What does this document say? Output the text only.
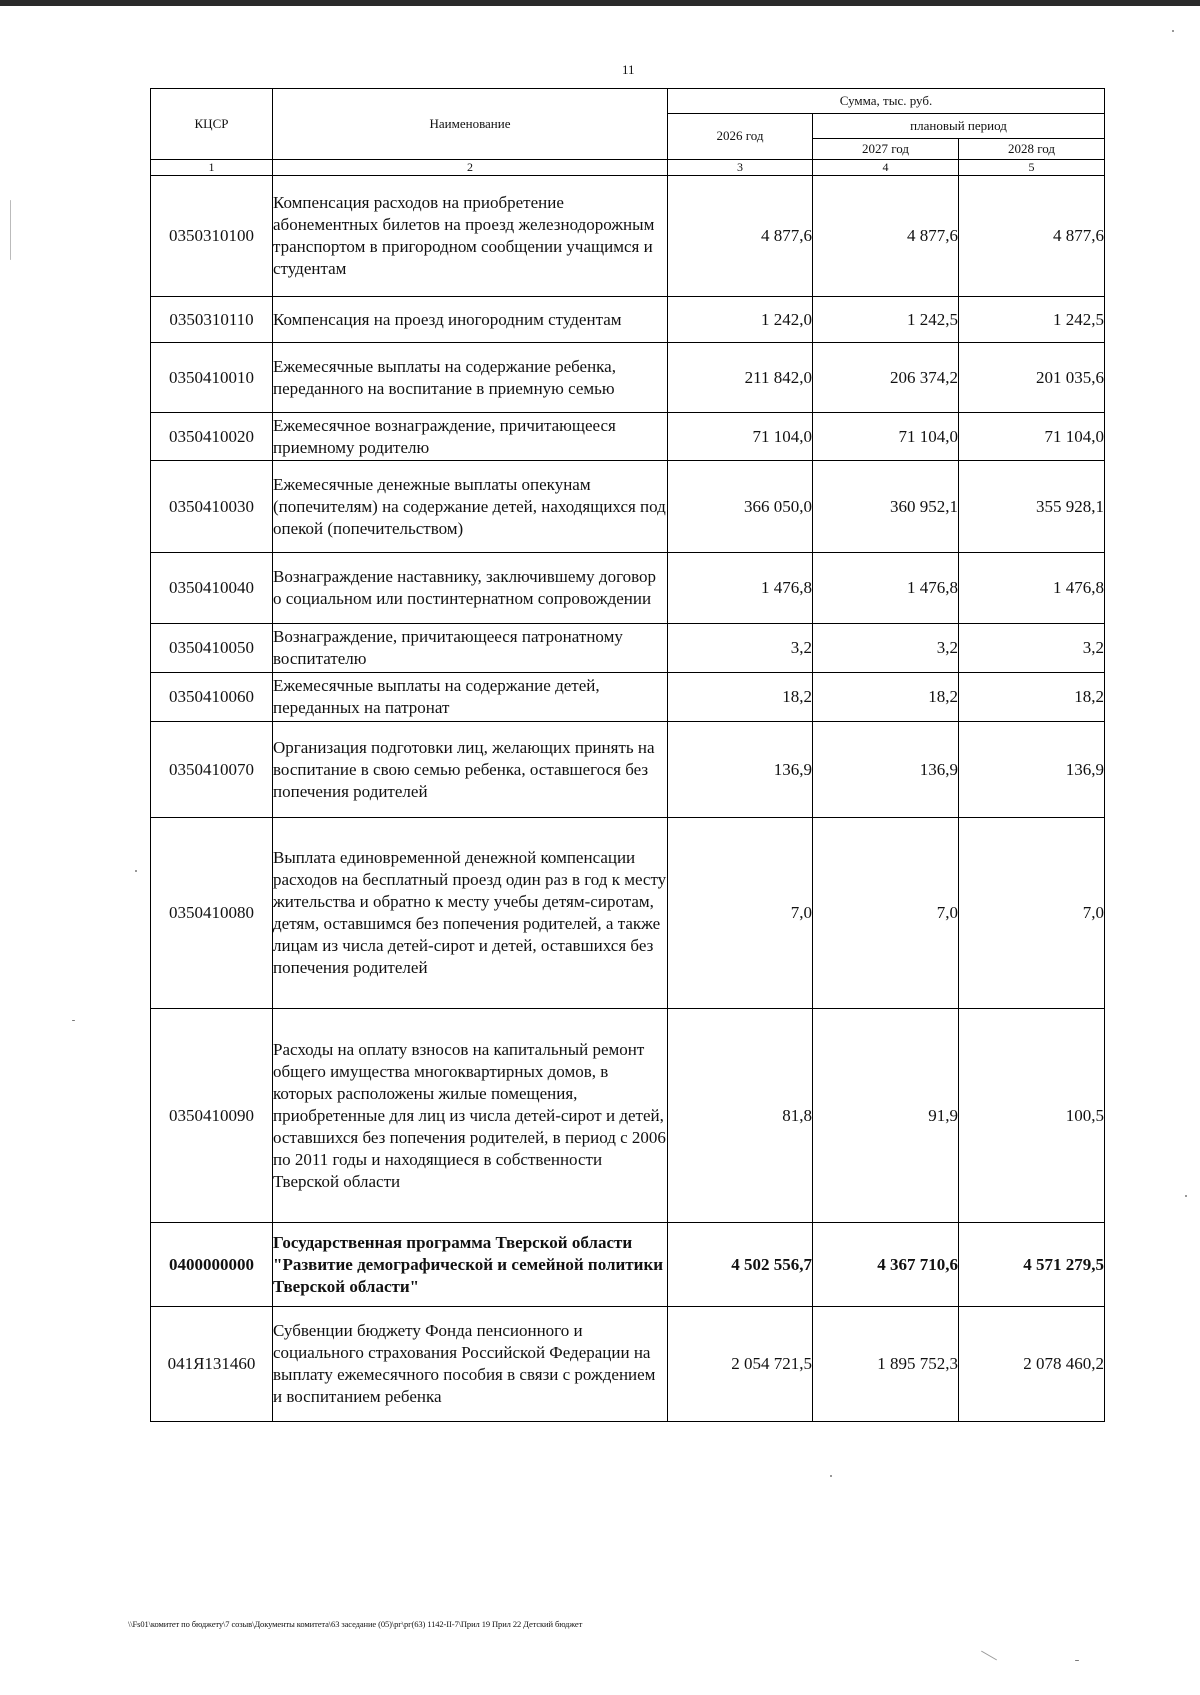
11
КЦСР	Наименование	Сумма, тыс. руб.		
		2026 год	плановый период	
			2027 год	2028 год
1	2	3	4	5
0350310100	Компенсация расходов на приобретение абонементных билетов на проезд железнодорожным транспортом в пригородном сообщении учащимся и студентам	4 877,6	4 877,6	4 877,6
0350310110	Компенсация на проезд иногородним студентам	1 242,0	1 242,5	1 242,5
0350410010	Ежемесячные выплаты на содержание ребенка, переданного на воспитание в приемную семью	211 842,0	206 374,2	201 035,6
0350410020	Ежемесячное вознаграждение, причитающееся приемному родителю	71 104,0	71 104,0	71 104,0
0350410030	Ежемесячные денежные выплаты опекунам (попечителям) на содержание детей, находящихся под опекой (попечительством)	366 050,0	360 952,1	355 928,1
0350410040	Вознаграждение наставнику, заключившему договор о социальном или постинтернатном сопровождении	1 476,8	1 476,8	1 476,8
0350410050	Вознаграждение, причитающееся патронатному воспитателю	3,2	3,2	3,2
0350410060	Ежемесячные выплаты на содержание детей, переданных на патронат	18,2	18,2	18,2
0350410070	Организация подготовки лиц, желающих принять на воспитание в свою семью ребенка, оставшегося без попечения родителей	136,9	136,9	136,9
0350410080	Выплата единовременной денежной компенсации расходов на бесплатный проезд один раз в год к месту жительства и обратно к месту учебы детям-сиротам, детям, оставшимся без попечения родителей, а также лицам из числа детей-сирот и детей, оставшихся без попечения родителей	7,0	7,0	7,0
0350410090	Расходы на оплату взносов на капитальный ремонт общего имущества многоквартирных домов, в которых расположены жилые помещения, приобретенные для лиц из числа детей-сирот и детей, оставшихся без попечения родителей, в период с 2006 по 2011 годы и находящиеся в собственности Тверской области	81,8	91,9	100,5
0400000000	Государственная программа Тверской области "Развитие демографической и семейной политики Тверской области"	4 502 556,7	4 367 710,6	4 571 279,5
041Я131460	Субвенции бюджету Фонда пенсионного и социального страхования Российской Федерации на выплату ежемесячного пособия в связи с рождением и воспитанием ребенка	2 054 721,5	1 895 752,3	2 078 460,2
\\Fs01\комитет по бюджету\7 созыв\Документы комитета\63 заседание (05)\рг\рг(63) 1142-II-7\Прил 19 Прил 22 Детский бюджет
